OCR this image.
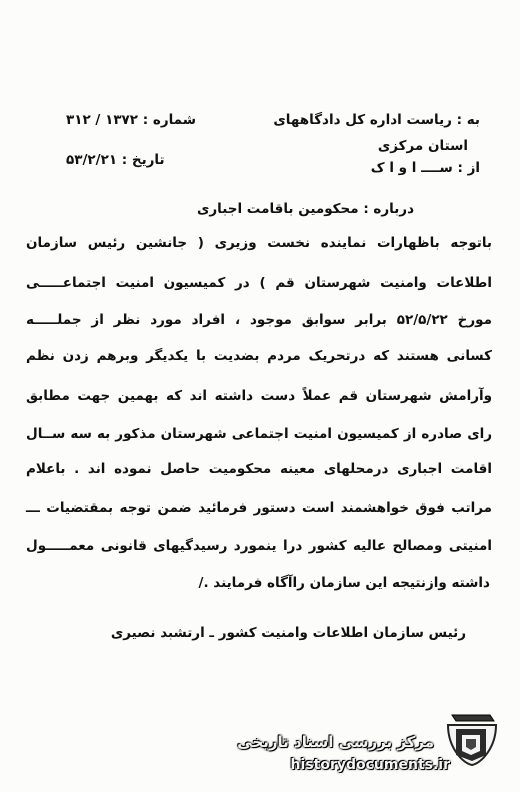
به : ریاست اداره کل دادگاههای
شماره : ۱۳۷۲ / ۳۱۲
استان مرکزی
از : ســــ ا و ا ک
تاریخ : ۵۳/۲/۲۱
درباره : محکومین باقامت اجباری
باتوجه باظهارات نماینده نخست وزیری ( جانشین رئیس سازمان
اطلاعات وامنیت شهرستان قم ) در کمیسیون امنیت اجتماعـــــی
مورخ ۵۲/۵/۲۲ برابر سوابق موجود ، افراد مورد نظر از جملـــــه
کسانی هستند که درتحریک مردم بضدیت با یکدیگر وبرهم زدن نظم
وآرامش شهرستان قم عملاً دست داشته اند که بهمین جهت مطابق
رای صادره از کمیسیون امنیت اجتماعی شهرستان مذکور به سه ســال
اقامت اجباری درمحلهای معینه محکومیت حاصل نموده اند . باعلام
مراتب فوق خواهشمند است دستور فرمائید ضمن توجه بمقتضیات ـــ
امنیتی ومصالح عالیه کشور درا ینمورد رسیدگیهای قانونی معمـــــول
داشته وازنتیجه این سازمان راآگاه فرمایند ./
رئیس سازمان اطلاعات وامنیت کشور ـ ارتشبد نصیری
مرکز بررسی اسناد تاریخی
historydocuments.ir
